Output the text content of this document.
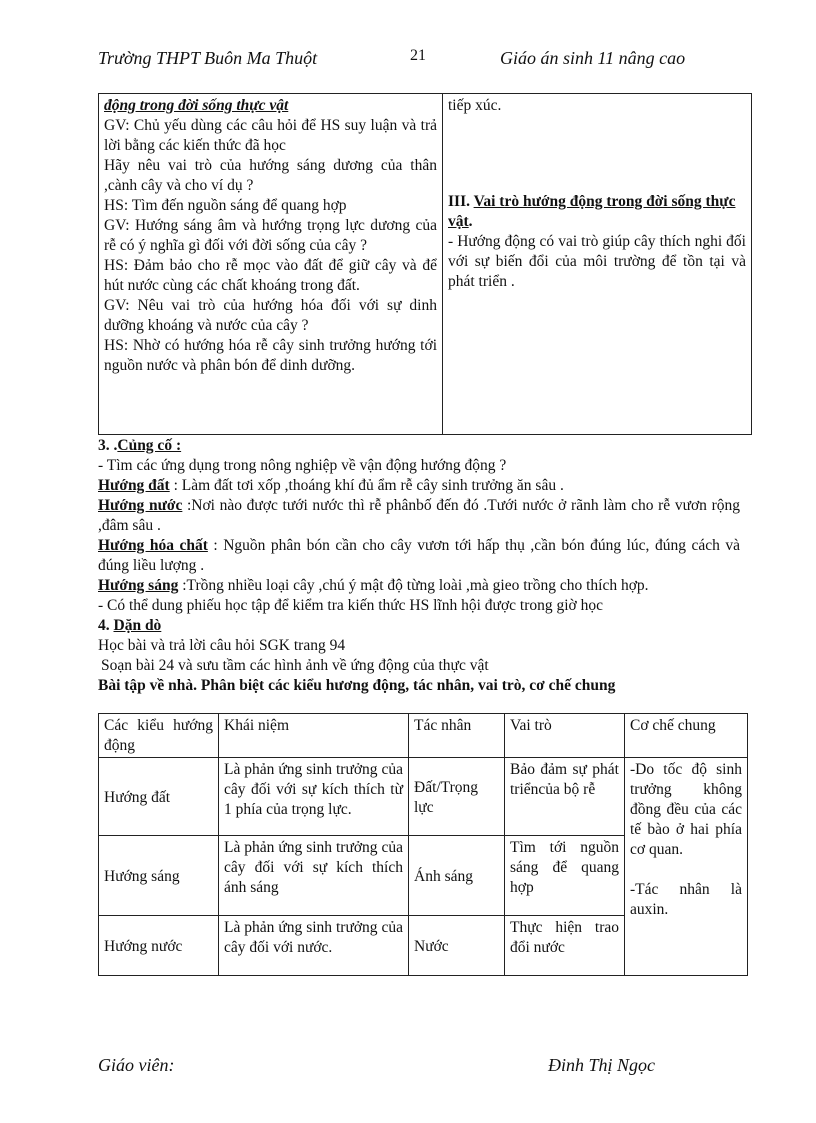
Trường THPT Buôn Ma Thuột	21	Giáo án sinh 11 nâng cao

động trong đời sống thực vật

GV: Chủ yếu dùng các câu hỏi để HS suy luận và trả lời bằng các kiến thức đã học

Hãy nêu vai trò của hướng sáng dương của thân ,cành cây và cho ví dụ ?

HS: Tìm đến nguồn sáng để quang hợp

GV: Hướng sáng âm và hướng trọng lực dương của rễ có ý nghĩa gì đối với đời sống của cây ?

HS: Đảm bảo cho rễ mọc vào đất để giữ cây và để hút nước cùng các chất khoáng trong đất.

GV: Nêu vai trò của hướng hóa đối với sự dinh dưỡng khoáng và nước của cây ?

HS: Nhờ có hướng hóa rễ cây sinh trưởng hướng tới nguồn nước và phân bón để dinh dưỡng.

tiếp xúc.

III. Vai trò hướng động trong đời sống thực vật.

- Hướng động có vai trò giúp cây thích nghi đối với sự biến đổi của môi trường để tồn tại và phát triển .

3. .Củng cố :

- Tìm các ứng dụng trong nông nghiệp về vận động hướng động ?

Hướng đất : Làm đất tơi xốp ,thoáng khí đủ ẩm rễ cây sinh trưởng ăn sâu .

Hướng nước :Nơi nào được tưới nước thì rễ phânbố đến đó .Tưới nước ở rãnh làm cho rễ vươn rộng ,đâm sâu .

Hướng hóa chất : Nguồn phân bón cần cho cây vươn tới hấp thụ ,cần bón đúng lúc, đúng cách và đúng liều lượng .

Hướng sáng :Trồng nhiều loại cây ,chú ý mật độ từng loài ,mà gieo trồng cho thích hợp.

- Có thể dung phiếu học tập để kiểm tra kiến thức HS lĩnh hội được trong giờ học

4. Dặn dò

Học bài và trả lời câu hỏi SGK trang 94

Soạn bài 24 và sưu tầm các hình ảnh về ứng động của thực vật

Bài tập về nhà. Phân biệt các kiểu hương động, tác nhân, vai trò, cơ chế chung

Các kiểu hướng động	Khái niệm	Tác nhân	Vai trò	Cơ chế chung
Hướng đất	Là phản ứng sinh trưởng của cây đối với sự kích thích từ 1 phía của trọng lực.	Đất/Trọng lực	Bảo đảm sự phát triểncủa bộ rễ	-Do tốc độ sinh trưởng không đồng đều của các tế bào ở hai phía cơ quan.
-Tác nhân là auxin.

Hướng sáng	Là phản ứng sinh trưởng của cây đối với sự kích thích ánh sáng	Ánh sáng	Tìm tới nguồn sáng để quang hợp	
Hướng nước	Là phản ứng sinh trưởng của cây đối với nước.	Nước	Thực hiện trao đổi nước	
Giáo viên:	Đinh Thị Ngọc
